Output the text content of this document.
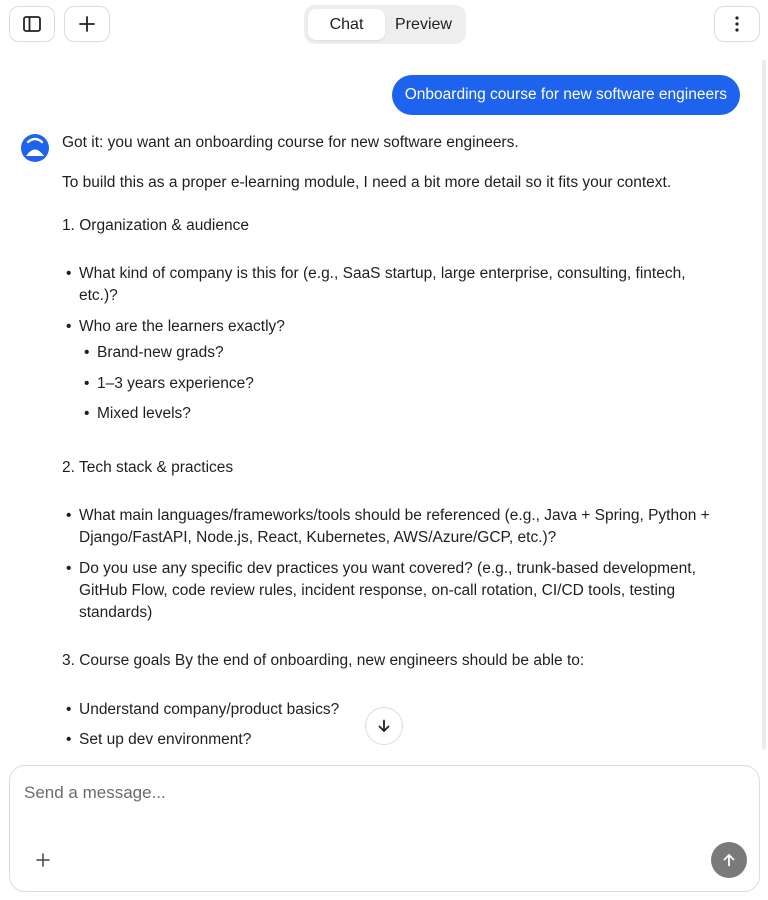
Chat	Preview
Onboarding course for new software engineers

Got it: you want an onboarding course for new software engineers.

To build this as a proper e-learning module, I need a bit more detail so it fits your context.

1. Organization & audience

• What kind of company is this for (e.g., SaaS startup, large enterprise, consulting, fintech,

etc.)?

• Who are the learners exactly?
• Brand-new grads?
• 1–3 years experience?
• Mixed levels?

2. Tech stack & practices

• What main languages/frameworks/tools should be referenced (e.g., Java + Spring, Python +

Django/FastAPI, Node.js, React, Kubernetes, AWS/Azure/GCP, etc.)?

• Do you use any specific dev practices you want covered? (e.g., trunk-based development,

GitHub Flow, code review rules, incident response, on-call rotation, CI/CD tools, testing

standards)

3. Course goals By the end of onboarding, new engineers should be able to:

• Understand company/product basics?
• Set up dev environment?
Send a message...
